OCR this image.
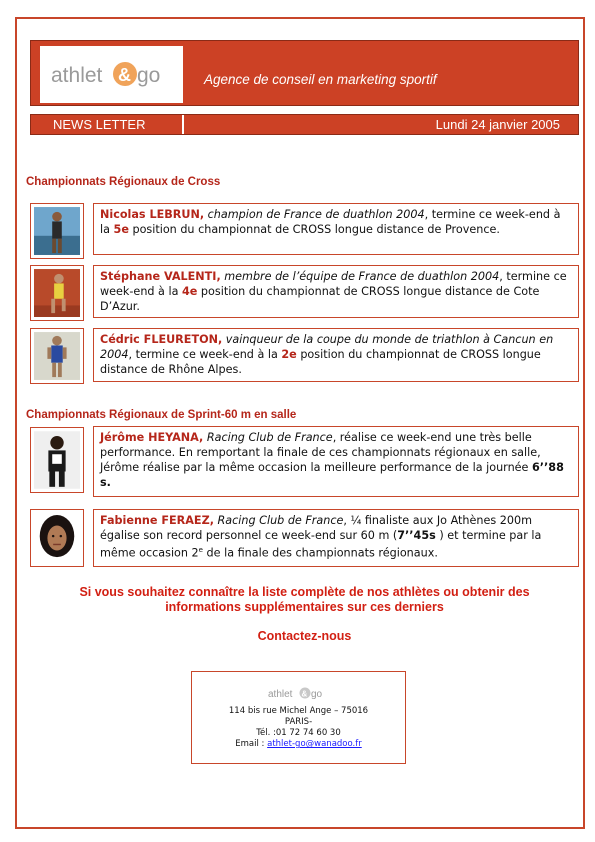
athlet & go	Agence de conseil en marketing sportif
NEWS LETTER	Lundi 24 janvier 2005
Championnats Régionaux de Cross
Nicolas LEBRUN, champion de France de duathlon 2004, termine ce week-end à la 5e position du championnat de CROSS longue distance de Provence.
Stéphane VALENTI, membre de l’équipe de France de duathlon 2004, termine ce week-end à la 4e position du championnat de CROSS longue distance de Cote D’Azur.
Cédric FLEURETON, vainqueur de la coupe du monde de triathlon à Cancun en 2004, termine ce week-end à la 2e position du championnat de CROSS longue distance de Rhône Alpes.
Championnats Régionaux de Sprint-60 m en salle
Jérôme HEYANA, Racing Club de France, réalise ce week-end une très belle performance. En remportant la finale de ces championnats régionaux en salle, Jérôme réalise par la même occasion la meilleure performance de la journée 6’’88 s.
Fabienne FERAEZ, Racing Club de France, ¼ finaliste aux Jo Athènes 200m égalise son record personnel ce week-end sur 60 m (7’’45s ) et termine par la même occasion 2e de la finale des championnats régionaux.
Si vous souhaitez connaître la liste complète de nos athlètes ou obtenir des informations supplémentaires sur ces derniers
Contactez-nous
athlet & go
114 bis rue Michel Ange – 75016
PARIS-
Tél. :01 72 74 60 30
Email : athlet-go@wanadoo.fr
